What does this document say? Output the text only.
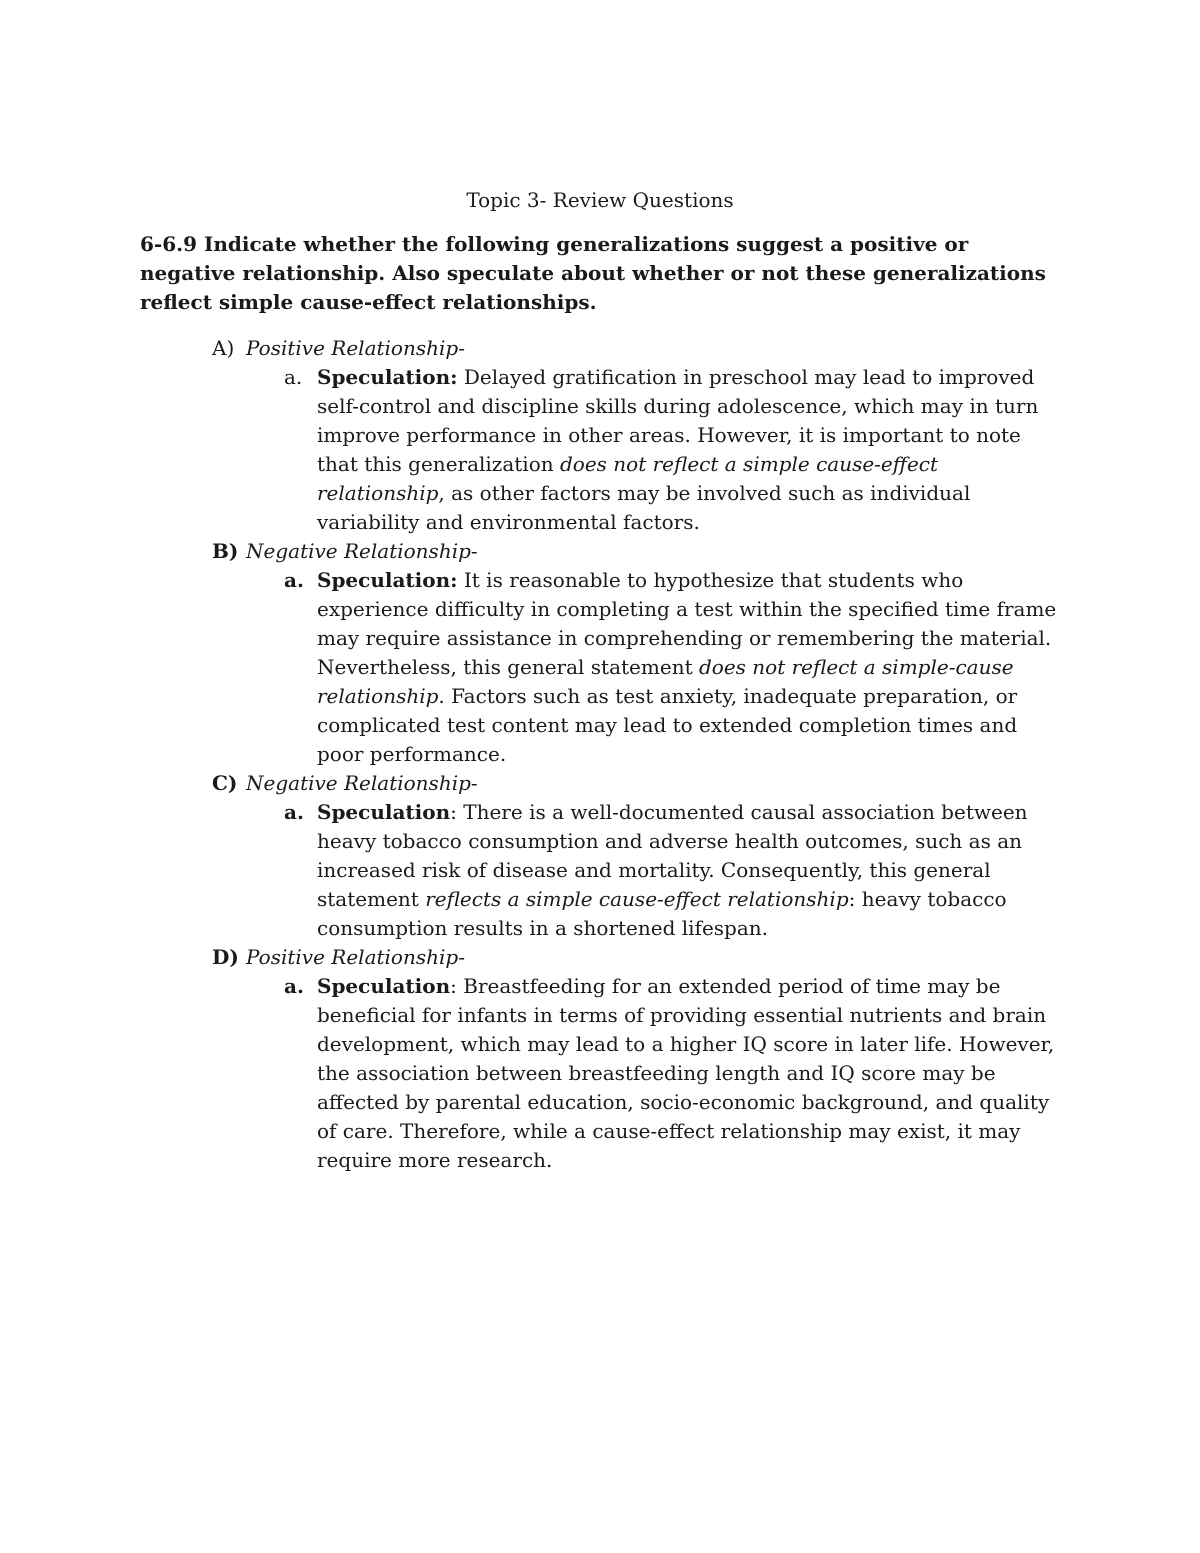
Topic 3- Review Questions
6-6.9 Indicate whether the following generalizations suggest a positive or negative relationship. Also speculate about whether or not these generalizations reflect simple cause-effect relationships.
A) Positive Relationship-
a. Speculation: Delayed gratification in preschool may lead to improved self-control and discipline skills during adolescence, which may in turn improve performance in other areas. However, it is important to note that this generalization does not reflect a simple cause-effect relationship, as other factors may be involved such as individual variability and environmental factors.
B) Negative Relationship-
a. Speculation: It is reasonable to hypothesize that students who experience difficulty in completing a test within the specified time frame may require assistance in comprehending or remembering the material. Nevertheless, this general statement does not reflect a simple-cause relationship. Factors such as test anxiety, inadequate preparation, or complicated test content may lead to extended completion times and poor performance.
C) Negative Relationship-
a. Speculation: There is a well-documented causal association between heavy tobacco consumption and adverse health outcomes, such as an increased risk of disease and mortality. Consequently, this general statement reflects a simple cause-effect relationship: heavy tobacco consumption results in a shortened lifespan.
D) Positive Relationship-
a. Speculation: Breastfeeding for an extended period of time may be beneficial for infants in terms of providing essential nutrients and brain development, which may lead to a higher IQ score in later life. However, the association between breastfeeding length and IQ score may be affected by parental education, socio-economic background, and quality of care. Therefore, while a cause-effect relationship may exist, it may require more research.
